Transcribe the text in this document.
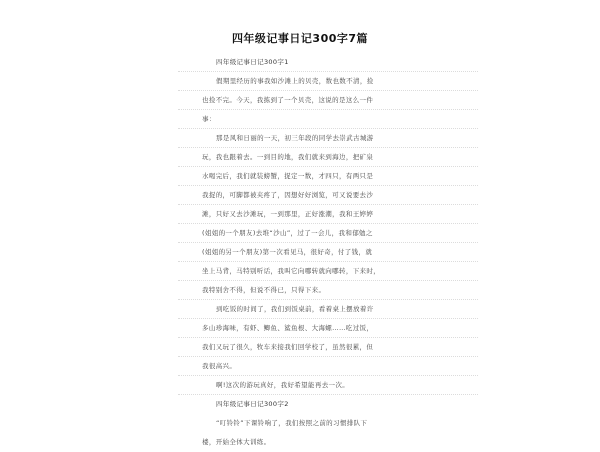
四年级记事日记300字7篇
四年级记事日记300字1
假期里经历的事我如沙滩上的贝壳，数也数不清，捡
也捡不完。今天，我拣到了一个贝壳，这说的是这么一件
事：
那是风和日丽的一天，初三年段的同学去崇武古城游
玩，我也跟着去。一到目的地，我们就来到海边，把矿泉
水喝完后，我们就装螃蟹，捉定一数，才四只，有两只是
我捉的，可脚都被夹疼了，因想好好浏览，可又说要去沙
滩，只好又去沙滩玩，一到那里，正好涨潮，我和王婷婷
(姐姐的一个朋友)去堆“沙山”，过了一会儿，我和郁勉之
(姐姐的另一个朋友)第一次看见马，很好奇，付了钱，就
坐上马背，马特别听话，我叫它向哪转就向哪转，下来时，
我特别舍不得，但说不得已，只得下来。
到吃饭的时间了，我们到饭桌前，看着桌上摆放着许
多山珍海味，有虾、鲫鱼、鲨鱼根、大海螺……吃过饭，
我们又玩了很久，牧车来接我们回学校了，虽然很累，但
我很高兴。
啊!这次的游玩真好，我好希望能再去一次。
四年级记事日记300字2
“叮铃铃”下课铃响了，我们按照之前的习惯排队下
楼，开始全体大训练。
